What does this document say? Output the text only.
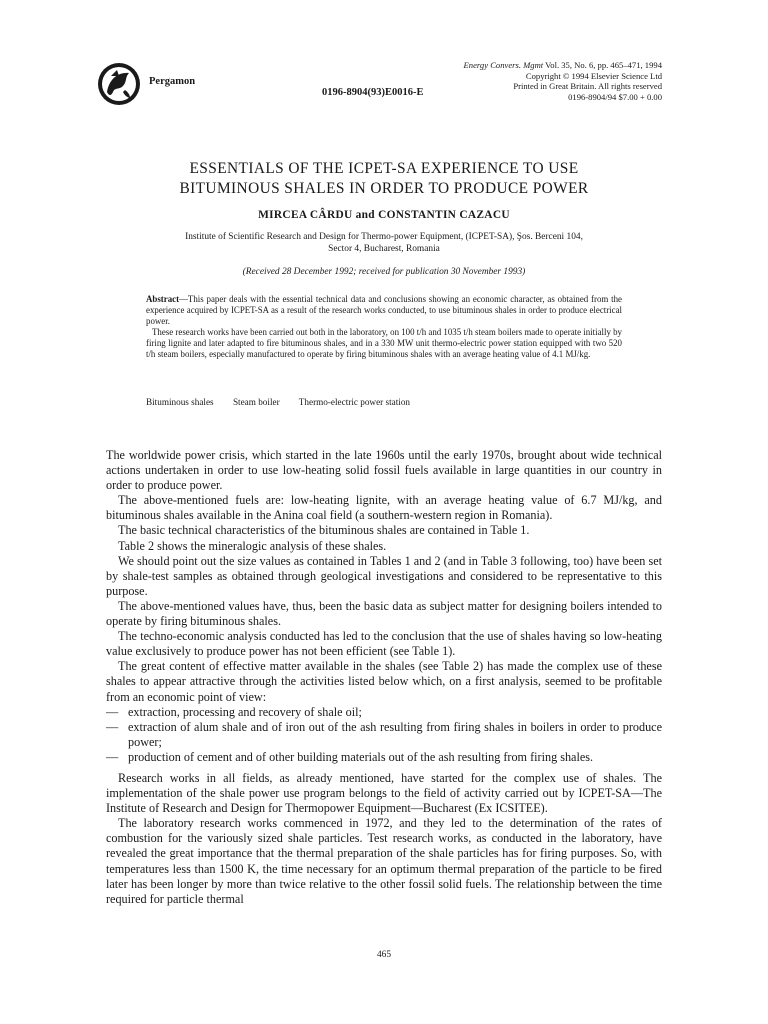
Pergamon
0196-8904(93)E0016-E
Energy Convers. Mgmt Vol. 35, No. 6, pp. 465–471, 1994
Copyright © 1994 Elsevier Science Ltd
Printed in Great Britain. All rights reserved
0196-8904/94 $7.00 + 0.00
ESSENTIALS OF THE ICPET-SA EXPERIENCE TO USE
BITUMINOUS SHALES IN ORDER TO PRODUCE POWER
MIRCEA CÂRDU and CONSTANTIN CAZACU
Institute of Scientific Research and Design for Thermo-power Equipment, (ICPET-SA), Şos. Berceni 104,
Sector 4, Bucharest, Romania
(Received 28 December 1992; received for publication 30 November 1993)

Abstract—This paper deals with the essential technical data and conclusions showing an economic character, as obtained from the experience acquired by ICPET-SA as a result of the research works conducted, to use bituminous shales in order to produce electrical power.

These research works have been carried out both in the laboratory, on 100 t/h and 1035 t/h steam boilers made to operate initially by firing lignite and later adapted to fire bituminous shales, and in a 330 MW unit thermo-electric power station equipped with two 520 t/h steam boilers, especially manufactured to operate by firing bituminous shales with an average heating value of 4.1 MJ/kg.

Bituminous shales Steam boiler Thermo-electric power station

The worldwide power crisis, which started in the late 1960s until the early 1970s, brought about wide technical actions undertaken in order to use low-heating solid fossil fuels available in large quantities in our country in order to produce power.

The above-mentioned fuels are: low-heating lignite, with an average heating value of 6.7 MJ/kg, and bituminous shales available in the Anina coal field (a southern-western region in Romania).

The basic technical characteristics of the bituminous shales are contained in Table 1.

Table 2 shows the mineralogic analysis of these shales.

We should point out the size values as contained in Tables 1 and 2 (and in Table 3 following, too) have been set by shale-test samples as obtained through geological investigations and considered to be representative to this purpose.

The above-mentioned values have, thus, been the basic data as subject matter for designing boilers intended to operate by firing bituminous shales.

The techno-economic analysis conducted has led to the conclusion that the use of shales having so low-heating value exclusively to produce power has not been efficient (see Table 1).

The great content of effective matter available in the shales (see Table 2) has made the complex use of these shales to appear attractive through the activities listed below which, on a first analysis, seemed to be profitable from an economic point of view:

— extraction, processing and recovery of shale oil;
— extraction of alum shale and of iron out of the ash resulting from firing shales in boilers in order to produce power;
— production of cement and of other building materials out of the ash resulting from firing shales.

Research works in all fields, as already mentioned, have started for the complex use of shales. The implementation of the shale power use program belongs to the field of activity carried out by ICPET-SA—The Institute of Research and Design for Thermopower Equipment—Bucharest (Ex ICSITEE).

The laboratory research works commenced in 1972, and they led to the determination of the rates of combustion for the variously sized shale particles. Test research works, as conducted in the laboratory, have revealed the great importance that the thermal preparation of the shale particles has for firing purposes. So, with temperatures less than 1500 K, the time necessary for an optimum thermal preparation of the particle to be fired later has been longer by more than twice relative to the other fossil solid fuels. The relationship between the time required for particle thermal

465
